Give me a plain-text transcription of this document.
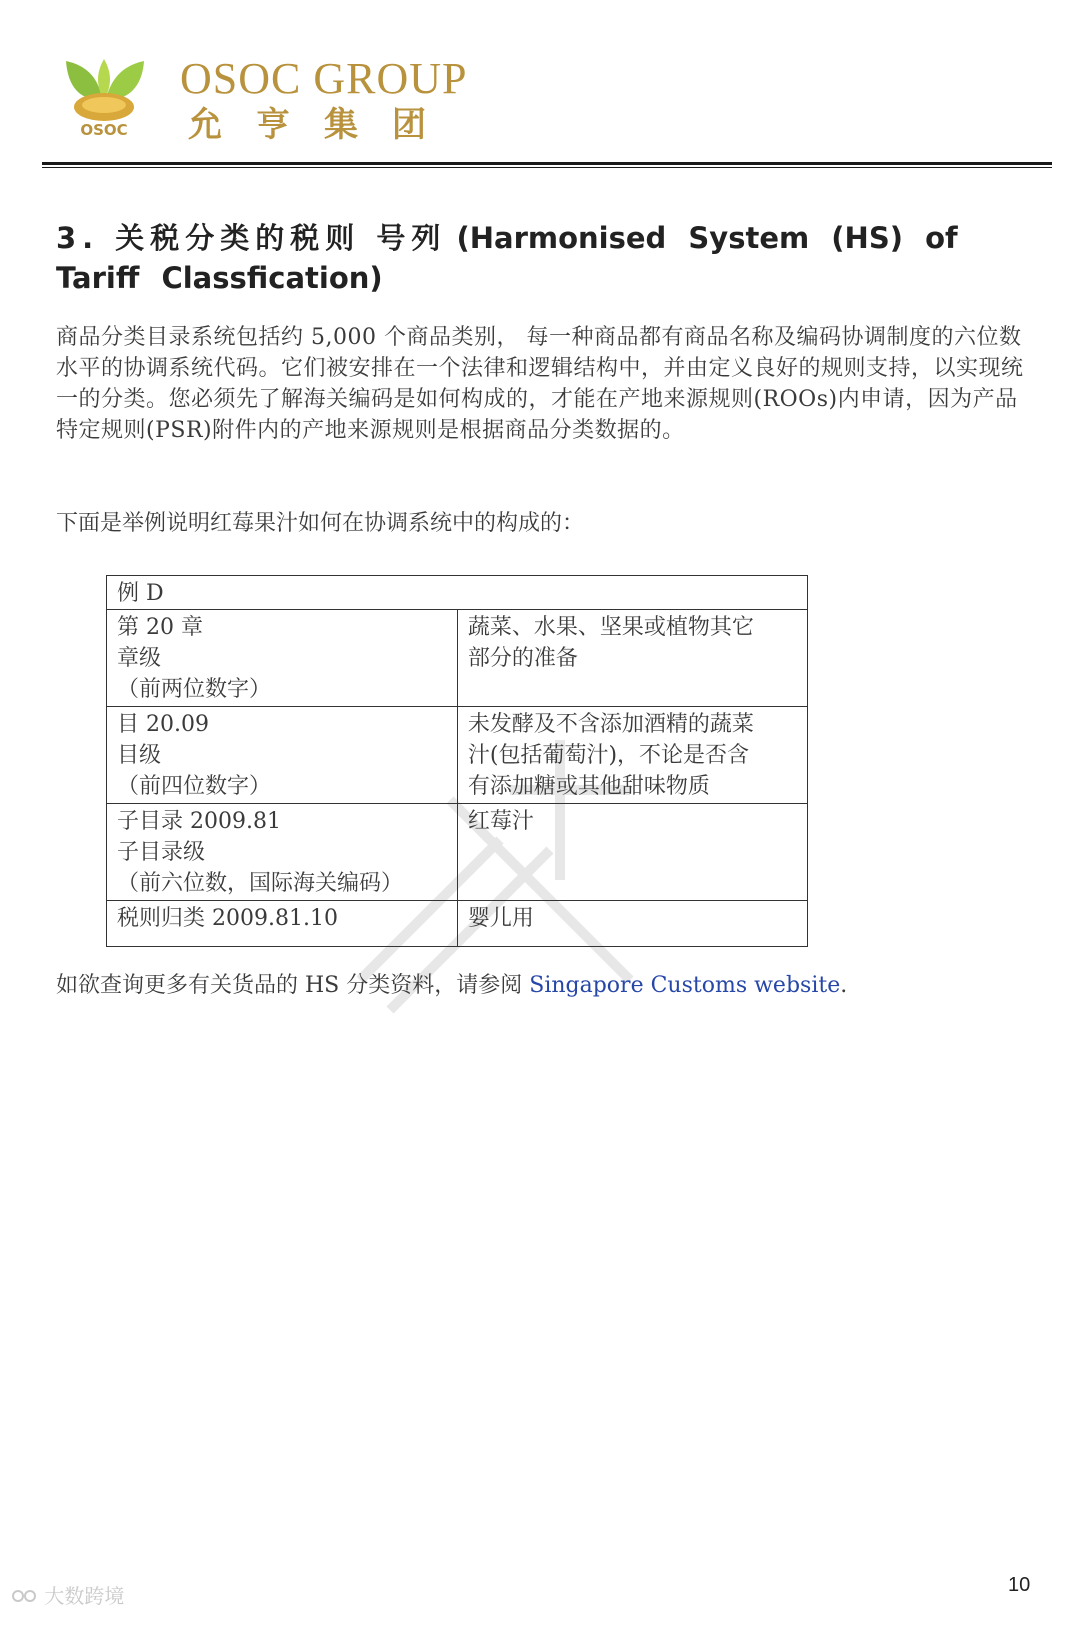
OSOC
OSOC GROUP
允亨集团
3. 关税分类的税则 号列 (Harmonised System (HS) of Tariff Classfication)
商品分类目录系统包括约 5,000 个商品类别， 每一种商品都有商品名称及编码协调制度的六位数水平的协调系统代码。它们被安排在一个法律和逻辑结构中，并由定义良好的规则支持，以实现统一的分类。您必须先了解海关编码是如何构成的，才能在产地来源规则(ROOs)内申请，因为产品特定规则(PSR)附件内的产地来源规则是根据商品分类数据的。
下面是举例说明红莓果汁如何在协调系统中的构成的：
例 D	

第 20 章
章级
（前两位数字）	蔬菜、水果、坚果或植物其它
部分的准备

目 20.09
目级
（前四位数字）	未发酵及不含添加酒精的蔬菜
汁(包括葡萄汁)，不论是否含
有添加糖或其他甜味物质

子目录 2009.81
子目录级
（前六位数，国际海关编码）	红莓汁

税则归类 2009.81.10	婴儿用
如欲查询更多有关货品的 HS 分类资料，请参阅 Singapore Customs website.
大数跨境	10
